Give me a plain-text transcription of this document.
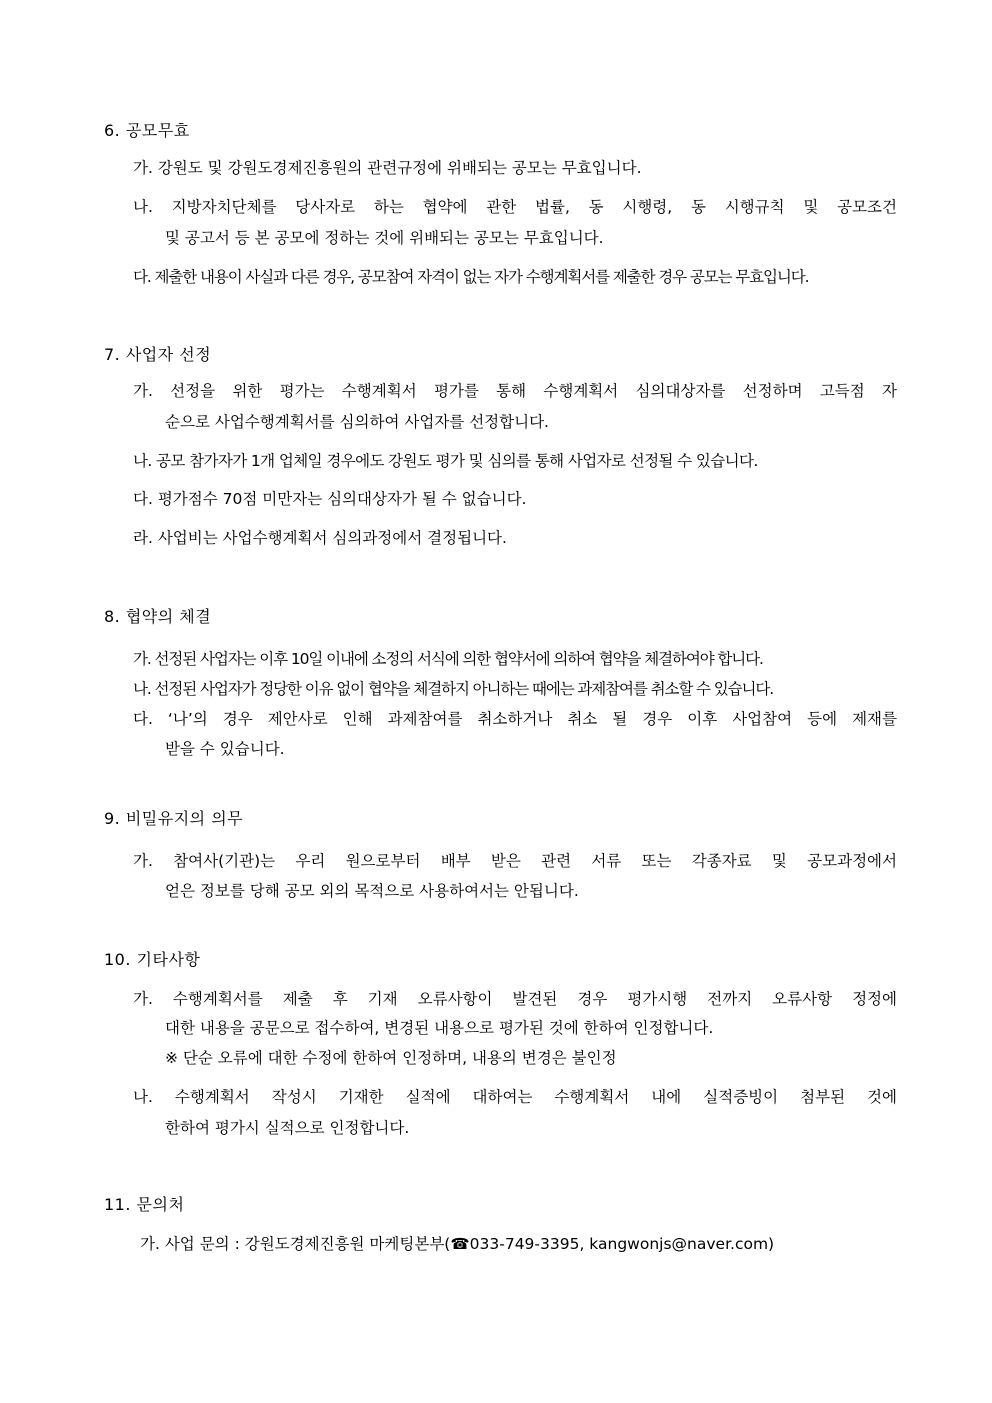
6. 공모무효
가. 강원도 및 강원도경제진흥원의 관련규정에 위배되는 공모는 무효입니다.
나. 지방자치단체를 당사자로 하는 협약에 관한 법률, 동 시행령, 동 시행규칙 및 공모조건
및 공고서 등 본 공모에 정하는 것에 위배되는 공모는 무효입니다.
다. 제출한 내용이 사실과 다른 경우, 공모참여 자격이 없는 자가 수행계획서를 제출한 경우 공모는 무효입니다.
7. 사업자 선정
가. 선정을 위한 평가는 수행계획서 평가를 통해 수행계획서 심의대상자를 선정하며 고득점 자
순으로 사업수행계획서를 심의하여 사업자를 선정합니다.
나. 공모 참가자가 1개 업체일 경우에도 강원도 평가 및 심의를 통해 사업자로 선정될 수 있습니다.
다. 평가점수 70점 미만자는 심의대상자가 될 수 없습니다.
라. 사업비는 사업수행계획서 심의과정에서 결정됩니다.
8. 협약의 체결
가. 선정된 사업자는 이후 10일 이내에 소정의 서식에 의한 협약서에 의하여 협약을 체결하여야 합니다.
나. 선정된 사업자가 정당한 이유 없이 협약을 체결하지 아니하는 때에는 과제참여를 취소할 수 있습니다.
다. ‘나’의 경우 제안사로 인해 과제참여를 취소하거나 취소 될 경우 이후 사업참여 등에 제재를
받을 수 있습니다.
9. 비밀유지의 의무
가. 참여사(기관)는 우리 원으로부터 배부 받은 관련 서류 또는 각종자료 및 공모과정에서
얻은 정보를 당해 공모 외의 목적으로 사용하여서는 안됩니다.
10. 기타사항
가. 수행계획서를 제출 후 기재 오류사항이 발견된 경우 평가시행 전까지 오류사항 정정에
대한 내용을 공문으로 접수하여, 변경된 내용으로 평가된 것에 한하여 인정합니다.
※ 단순 오류에 대한 수정에 한하여 인정하며, 내용의 변경은 불인정
나. 수행계획서 작성시 기재한 실적에 대하여는 수행계획서 내에 실적증빙이 첨부된 것에
한하여 평가시 실적으로 인정합니다.
11. 문의처
가. 사업 문의 : 강원도경제진흥원 마케팅본부(☎033-749-3395, kangwonjs@naver.com)
